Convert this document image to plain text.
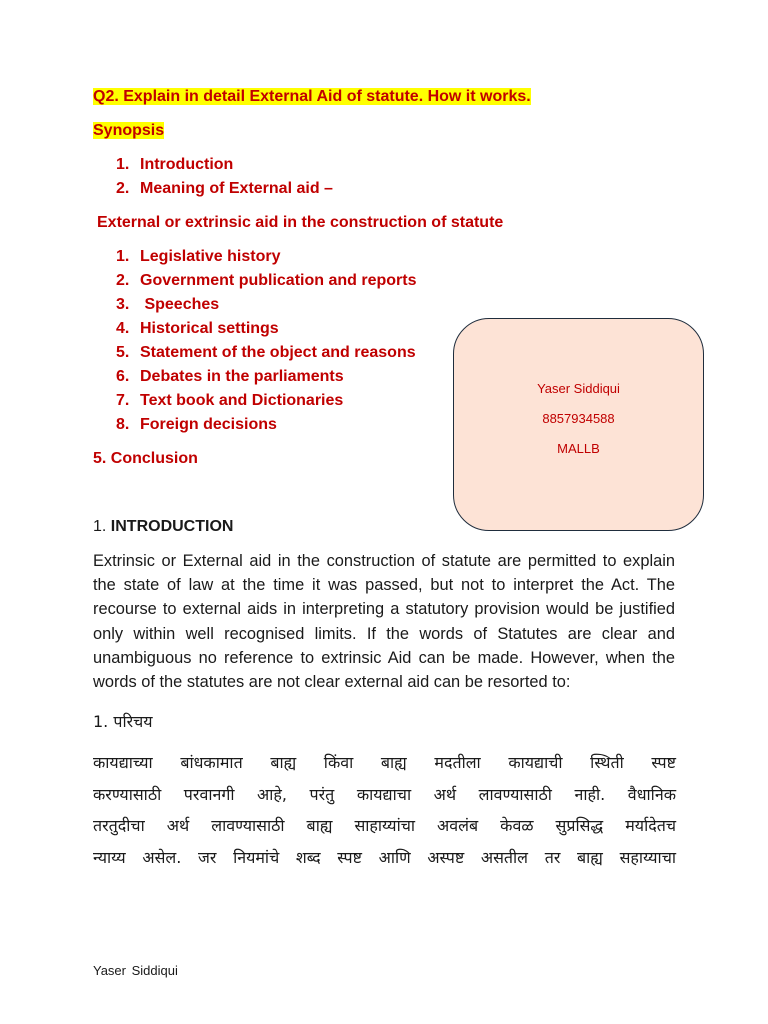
Q2. Explain in detail External Aid of statute. How it works.
Synopsis
1. Introduction
2. Meaning of External aid –
External or extrinsic aid in the construction of statute
1. Legislative history
2. Government publication and reports
3. Speeches
4. Historical settings
5. Statement of the object and reasons
6. Debates in the parliaments
7. Text book and Dictionaries
8. Foreign decisions
5. Conclusion
Yaser Siddiqui
8857934588
MALLB
1. INTRODUCTION
Extrinsic or External aid in the construction of statute are permitted to explain the state of law at the time it was passed, but not to interpret the Act. The recourse to external aids in interpreting a statutory provision would be justified only within well recognised limits. If the words of Statutes are clear and unambiguous no reference to extrinsic Aid can be made. However, when the words of the statutes are not clear external aid can be resorted to:
1. परिचय
कायद्याच्या बांधकामात बाह्य किंवा बाह्य मदतीला कायद्याची स्थिती स्पष्ट
करण्यासाठी परवानगी आहे, परंतु कायद्याचा अर्थ लावण्यासाठी नाही. वैधानिक
तरतुदीचा अर्थ लावण्यासाठी बाह्य साहाय्यांचा अवलंब केवळ सुप्रसिद्ध मर्यादेतच
न्याय्य असेल. जर नियमांचे शब्द स्पष्ट आणि अस्पष्ट असतील तर बाह्य सहाय्याचा
Yaser Siddiqui
